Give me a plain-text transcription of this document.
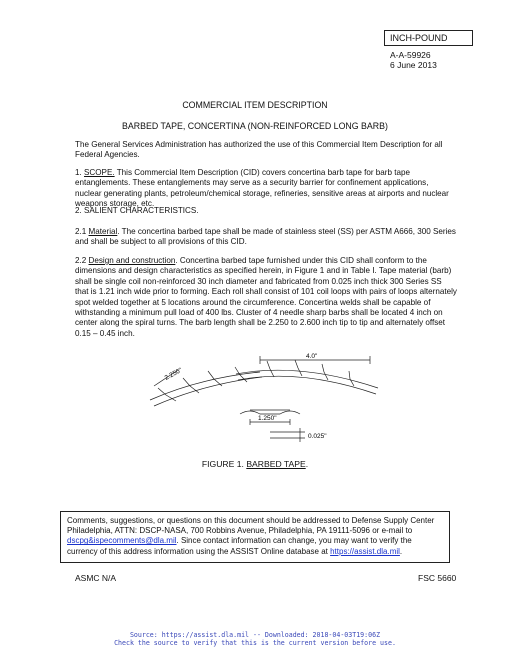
INCH-POUND
A-A-59926
6 June 2013
COMMERCIAL ITEM DESCRIPTION
BARBED TAPE, CONCERTINA (NON-REINFORCED LONG BARB)

The General Services Administration has authorized the use of this Commercial Item Description for all Federal Agencies.

1. SCOPE. This Commercial Item Description (CID) covers concertina barb tape for barb tape entanglements. These entanglements may serve as a security barrier for confinement applications, nuclear generating plants, petroleum/chemical storage, refineries, sensitive areas at airports and nuclear weapons storage, etc.

2. SALIENT CHARACTERISTICS.

2.1 Material. The concertina barbed tape shall be made of stainless steel (SS) per ASTM A666, 300 Series and shall be subject to all provisions of this CID.

2.2 Design and construction. Concertina barbed tape furnished under this CID shall conform to the dimensions and design characteristics as specified herein, in Figure 1 and in Table I. Tape material (barb) shall be single coil non-reinforced 30 inch diameter and fabricated from 0.025 inch thick 300 Series SS that is 1.21 inch wide prior to forming. Each roll shall consist of 101 coil loops with pairs of loops alternately spot welded together at 5 locations around the circumference. Concertina welds shall be capable of withstanding a minimum pull load of 400 lbs. Cluster of 4 needle sharp barbs shall be located 4 inch on center along the spiral turns. The barb length shall be 2.250 to 2.600 inch tip to tip and alternately offset 0.15 – 0.45 inch.

2.250"
4.0"
1.250"
0.025"
FIGURE 1. BARBED TAPE.

Comments, suggestions, or questions on this document should be addressed to Defense Supply Center Philadelphia, ATTN: DSCP-NASA, 700 Robbins Avenue, Philadelphia, PA 19111-5096 or e-mail to dscpg&ispecomments@dla.mil. Since contact information can change, you may want to verify the currency of this address information using the ASSIST Online database at https://assist.dla.mil.

ASMC N/A	FSC 5660
Source: https://assist.dla.mil -- Downloaded: 2018-04-03T19:06Z
Check the source to verify that this is the current version before use.
